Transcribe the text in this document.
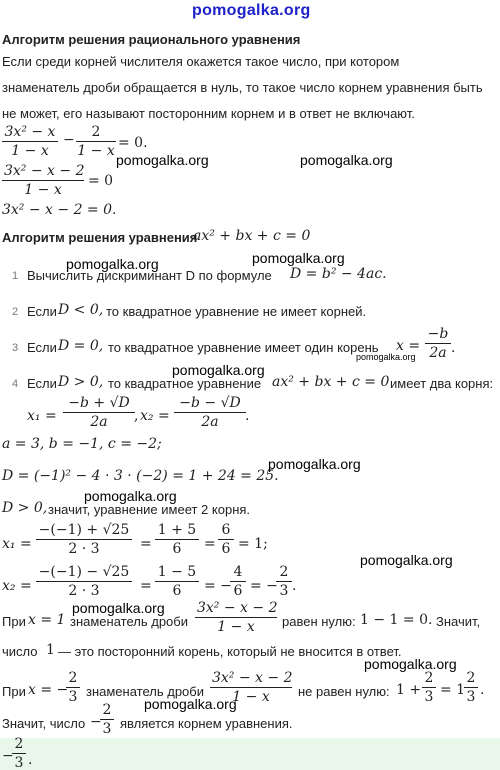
pomogalka.org
Алгоритм решения рационального уравнения
Если среди корней числителя окажется такое число, при котором
знаменатель дроби обращается в нуль, то такое число корнем уравнения быть
не может, его называют посторонним корнем и в ответ не включают.
$\frac{\text{3x² − x}}{1 - x} - \frac{2}{1 - x} = 0$.
$\frac{\text{3x² − x − 2}}{1 - x} = 0$
3x² − x − 2 = 0.
Алгоритм решения уравнения
ax² + bx + c = 0
1 Вычислить дискриминант D по формуле D = b² − 4ac.
2 Если D < 0, то квадратное уравнение не имеет корней.
3 Если D = 0, то квадратное уравнение имеет один корень $x = \frac{-b}{2a}$ .
4 Если D > 0, то квадратное уравнение ax² + bx + c = 0 имеет два корня:
$x_1 = \frac{-b + √D}{2a}$ , $x_2 = \frac{-b - √D}{2a}$ .
a = 3, b = −1, c = −2;
D = (−1)² − 4 · 3 · (−2) = 1 + 24 = 25.
D > 0, значит, уравнение имеет 2 корня.
$x_1 = \frac{-(-1) + √25}{2 \cdot 3} = \frac{1 + 5}{6} = \frac{6}{6} = 1$;
$x_2 = \frac{-(-1) - √25}{2 \cdot 3} = \frac{1 - 5}{6}$ = −
$\frac{4}{6}$ = −
$\frac{2}{3}$ .
При x = 1 знаменатель дроби $\frac{\text{3x² − x − 2}}{1 - x}$ равен нулю: 1 − 1 = 0. Значит,
число 1 — это посторонний корень, который не вносится в ответ.
При x = −
$\frac{2}{3}$ знаменатель дроби $\frac{\text{3x² − x − 2}}{1 - x}$ не равен нулю: $1 + \frac{2}{3} = 1$
$\frac{2}{3}$ .
Значит, число −
$\frac{2}{3}$ является корнем уравнения.
−
$\frac{2}{3}$ .
pomogalka.org	pomogalka.org
pomogalka.org
pomogalka.org
pomogalka.org
pomogalka.org
pomogalka.org
pomogalka.org
pomogalka.org
pomogalka.org
pomogalka.org
pomogalka.org
